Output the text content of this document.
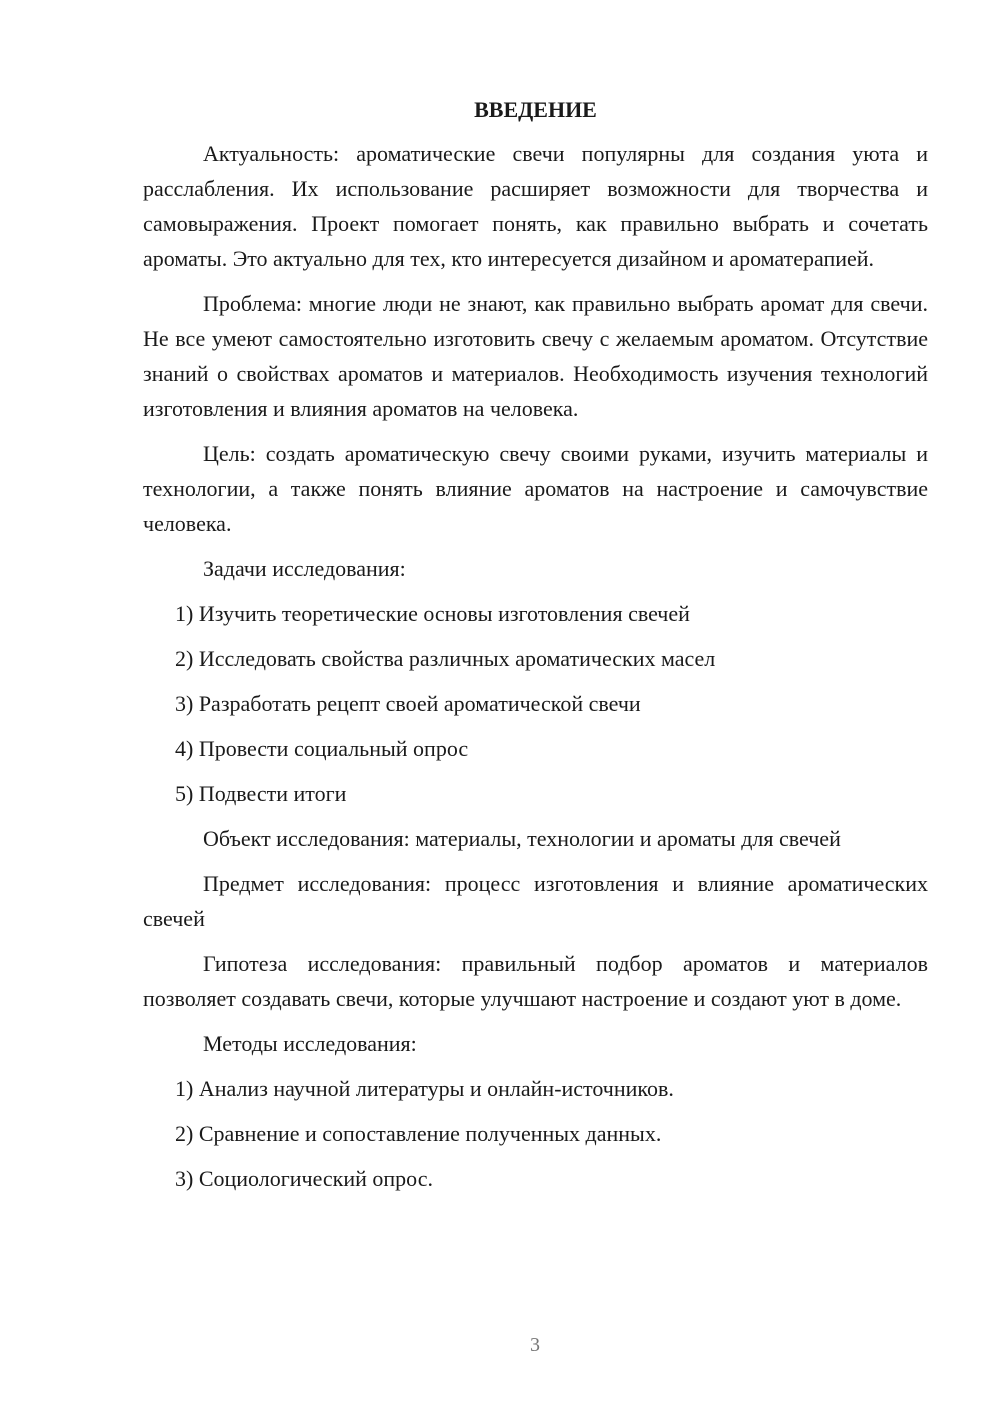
ВВЕДЕНИЕ

Актуальность: ароматические свечи популярны для создания уюта и расслабления. Их использование расширяет возможности для творчества и самовыражения. Проект помогает понять, как правильно выбрать и сочетать ароматы. Это актуально для тех, кто интересуется дизайном и ароматерапией.

Проблема: многие люди не знают, как правильно выбрать аромат для свечи. Не все умеют самостоятельно изготовить свечу с желаемым ароматом. Отсутствие знаний о свойствах ароматов и материалов. Необходимость изучения технологий изготовления и влияния ароматов на человека.

Цель: создать ароматическую свечу своими руками, изучить материалы и технологии, а также понять влияние ароматов на настроение и самочувствие человека.

Задачи исследования:
1) Изучить теоретические основы изготовления свечей
2) Исследовать свойства различных ароматических масел
3) Разработать рецепт своей ароматической свечи
4) Провести социальный опрос
5) Подвести итоги

Объект исследования: материалы, технологии и ароматы для свечей

Предмет исследования: процесс изготовления и влияние ароматических свечей

Гипотеза исследования: правильный подбор ароматов и материалов позволяет создавать свечи, которые улучшают настроение и создают уют в доме.

Методы исследования:
1) Анализ научной литературы и онлайн-источников.
2) Сравнение и сопоставление полученных данных.
3) Социологический опрос.
3
